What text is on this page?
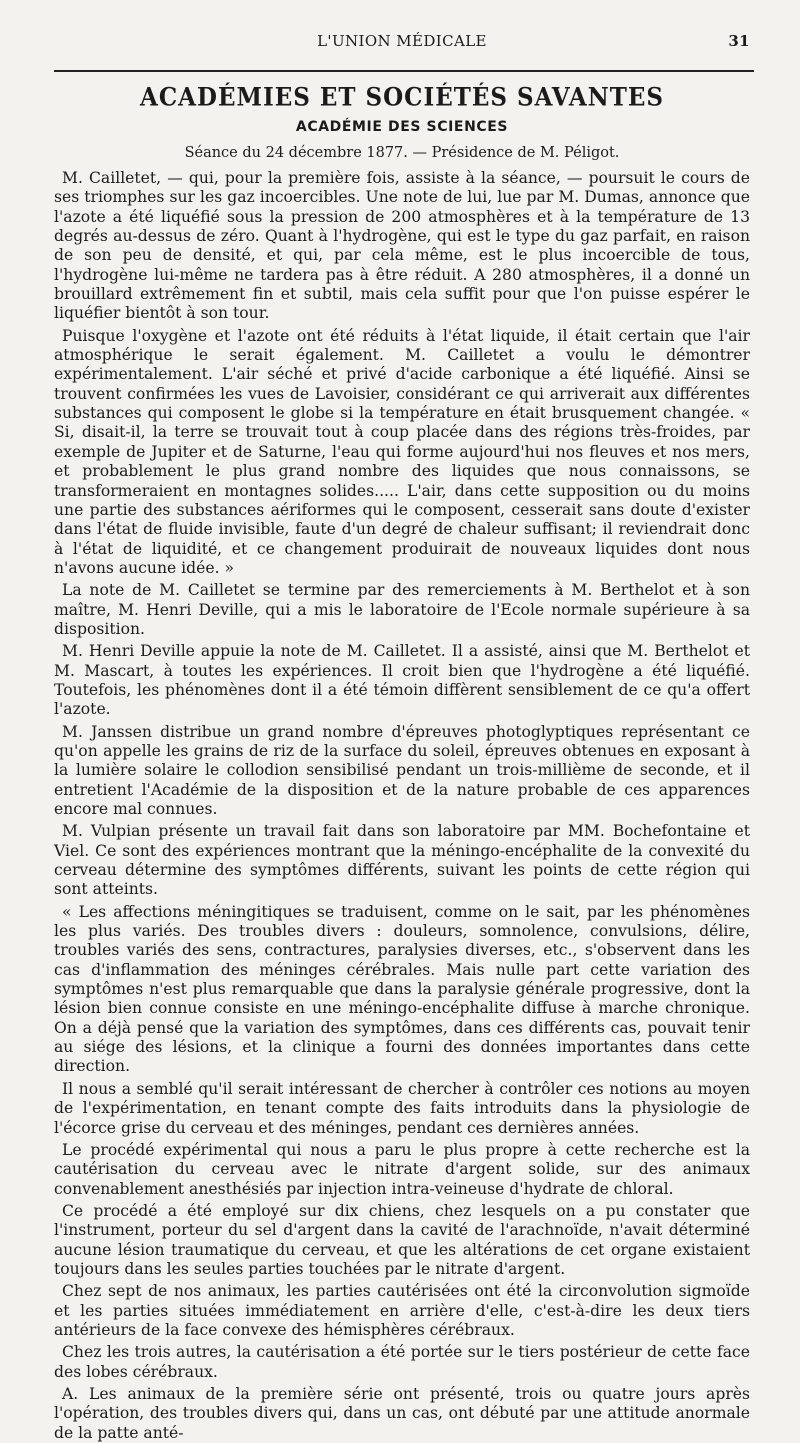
L'UNION MÉDICALE	31
ACADÉMIES ET SOCIÉTÉS SAVANTES
ACADÉMIE DES SCIENCES
Séance du 24 décembre 1877. — Présidence de M. Péligot.

M. Cailletet, — qui, pour la première fois, assiste à la séance, — poursuit le cours de ses triomphes sur les gaz incoercibles. Une note de lui, lue par M. Dumas, annonce que l'azote a été liquéfié sous la pression de 200 atmosphères et à la température de 13 degrés au-dessus de zéro. Quant à l'hydrogène, qui est le type du gaz parfait, en raison de son peu de densité, et qui, par cela même, est le plus incoercible de tous, l'hydrogène lui-même ne tardera pas à être réduit. A 280 atmosphères, il a donné un brouillard extrêmement fin et subtil, mais cela suffit pour que l'on puisse espérer le liquéfier bientôt à son tour.

Puisque l'oxygène et l'azote ont été réduits à l'état liquide, il était certain que l'air atmosphérique le serait également. M. Cailletet a voulu le démontrer expérimentalement. L'air séché et privé d'acide carbonique a été liquéfié. Ainsi se trouvent confirmées les vues de Lavoisier, considérant ce qui arriverait aux différentes substances qui composent le globe si la température en était brusquement changée. « Si, disait-il, la terre se trouvait tout à coup placée dans des régions très-froides, par exemple de Jupiter et de Saturne, l'eau qui forme aujourd'hui nos fleuves et nos mers, et probablement le plus grand nombre des liquides que nous connaissons, se transformeraient en montagnes solides..... L'air, dans cette supposition ou du moins une partie des substances aériformes qui le composent, cesserait sans doute d'exister dans l'état de fluide invisible, faute d'un degré de chaleur suffisant; il reviendrait donc à l'état de liquidité, et ce changement produirait de nouveaux liquides dont nous n'avons aucune idée. »

La note de M. Cailletet se termine par des remerciements à M. Berthelot et à son maître, M. Henri Deville, qui a mis le laboratoire de l'Ecole normale supérieure à sa disposition.

M. Henri Deville appuie la note de M. Cailletet. Il a assisté, ainsi que M. Berthelot et M. Mascart, à toutes les expériences. Il croit bien que l'hydrogène a été liquéfié. Toutefois, les phénomènes dont il a été témoin diffèrent sensiblement de ce qu'a offert l'azote.

M. Janssen distribue un grand nombre d'épreuves photoglyptiques représentant ce qu'on appelle les grains de riz de la surface du soleil, épreuves obtenues en exposant à la lumière solaire le collodion sensibilisé pendant un trois-millième de seconde, et il entretient l'Académie de la disposition et de la nature probable de ces apparences encore mal connues.

M. Vulpian présente un travail fait dans son laboratoire par MM. Bochefontaine et Viel. Ce sont des expériences montrant que la méningo-encéphalite de la convexité du cerveau détermine des symptômes différents, suivant les points de cette région qui sont atteints.

« Les affections méningitiques se traduisent, comme on le sait, par les phénomènes les plus variés. Des troubles divers : douleurs, somnolence, convulsions, délire, troubles variés des sens, contractures, paralysies diverses, etc., s'observent dans les cas d'inflammation des méninges cérébrales. Mais nulle part cette variation des symptômes n'est plus remarquable que dans la paralysie générale progressive, dont la lésion bien connue consiste en une méningo-encéphalite diffuse à marche chronique. On a déjà pensé que la variation des symptômes, dans ces différents cas, pouvait tenir au siége des lésions, et la clinique a fourni des données importantes dans cette direction.

Il nous a semblé qu'il serait intéressant de chercher à contrôler ces notions au moyen de l'expérimentation, en tenant compte des faits introduits dans la physiologie de l'écorce grise du cerveau et des méninges, pendant ces dernières années.

Le procédé expérimental qui nous a paru le plus propre à cette recherche est la cautérisation du cerveau avec le nitrate d'argent solide, sur des animaux convenablement anesthésiés par injection intra-veineuse d'hydrate de chloral.

Ce procédé a été employé sur dix chiens, chez lesquels on a pu constater que l'instrument, porteur du sel d'argent dans la cavité de l'arachnoïde, n'avait déterminé aucune lésion traumatique du cerveau, et que les altérations de cet organe existaient toujours dans les seules parties touchées par le nitrate d'argent.

Chez sept de nos animaux, les parties cautérisées ont été la circonvolution sigmoïde et les parties situées immédiatement en arrière d'elle, c'est-à-dire les deux tiers antérieurs de la face convexe des hémisphères cérébraux.

Chez les trois autres, la cautérisation a été portée sur le tiers postérieur de cette face des lobes cérébraux.

A. Les animaux de la première série ont présenté, trois ou quatre jours après l'opération, des troubles divers qui, dans un cas, ont débuté par une attitude anormale de la patte anté-
